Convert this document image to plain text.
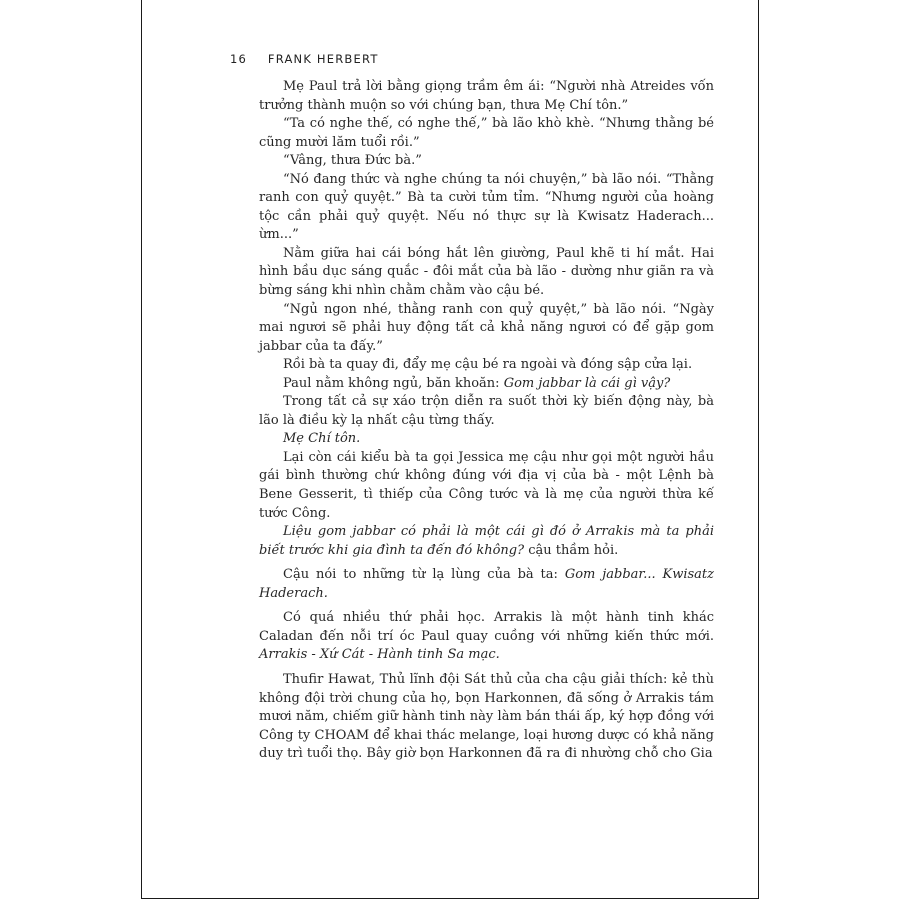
16 FRANK HERBERT

Mẹ Paul trả lời bằng giọng trầm êm ái: “Người nhà Atreides vốn trưởng thành muộn so với chúng bạn, thưa Mẹ Chí tôn.”

“Ta có nghe thế, có nghe thế,” bà lão khò khè. “Nhưng thằng bé cũng mười lăm tuổi rồi.”

“Vâng, thưa Đức bà.”

“Nó đang thức và nghe chúng ta nói chuyện,” bà lão nói. “Thằng ranh con quỷ quyệt.” Bà ta cười tủm tỉm. “Nhưng người của hoàng tộc cần phải quỷ quyệt. Nếu nó thực sự là Kwisatz Haderach... ừm...”

Nằm giữa hai cái bóng hắt lên giường, Paul khẽ ti hí mắt. Hai hình bầu dục sáng quắc - đôi mắt của bà lão - dường như giãn ra và bừng sáng khi nhìn chằm chằm vào cậu bé.

“Ngủ ngon nhé, thằng ranh con quỷ quyệt,” bà lão nói. “Ngày mai ngươi sẽ phải huy động tất cả khả năng ngươi có để gặp gom jabbar của ta đấy.”

Rồi bà ta quay đi, đẩy mẹ cậu bé ra ngoài và đóng sập cửa lại.

Paul nằm không ngủ, băn khoăn: Gom jabbar là cái gì vậy?

Trong tất cả sự xáo trộn diễn ra suốt thời kỳ biến động này, bà lão là điều kỳ lạ nhất cậu từng thấy.

Mẹ Chí tôn.

Lại còn cái kiểu bà ta gọi Jessica mẹ cậu như gọi một người hầu gái bình thường chứ không đúng với địa vị của bà - một Lệnh bà Bene Gesserit, tì thiếp của Công tước và là mẹ của người thừa kế tước Công.

Liệu gom jabbar có phải là một cái gì đó ở Arrakis mà ta phải biết trước khi gia đình ta đến đó không? cậu thầm hỏi.

Cậu nói to những từ lạ lùng của bà ta: Gom jabbar... Kwisatz Haderach.

Có quá nhiều thứ phải học. Arrakis là một hành tinh khác Caladan đến nỗi trí óc Paul quay cuồng với những kiến thức mới. Arrakis - Xứ Cát - Hành tinh Sa mạc.

Thufir Hawat, Thủ lĩnh đội Sát thủ của cha cậu giải thích: kẻ thù không đội trời chung của họ, bọn Harkonnen, đã sống ở Arrakis tám mươi năm, chiếm giữ hành tinh này làm bán thái ấp, ký hợp đồng với Công ty CHOAM để khai thác melange, loại hương dược có khả năng duy trì tuổi thọ. Bây giờ bọn Harkonnen đã ra đi nhường chỗ cho Gia
